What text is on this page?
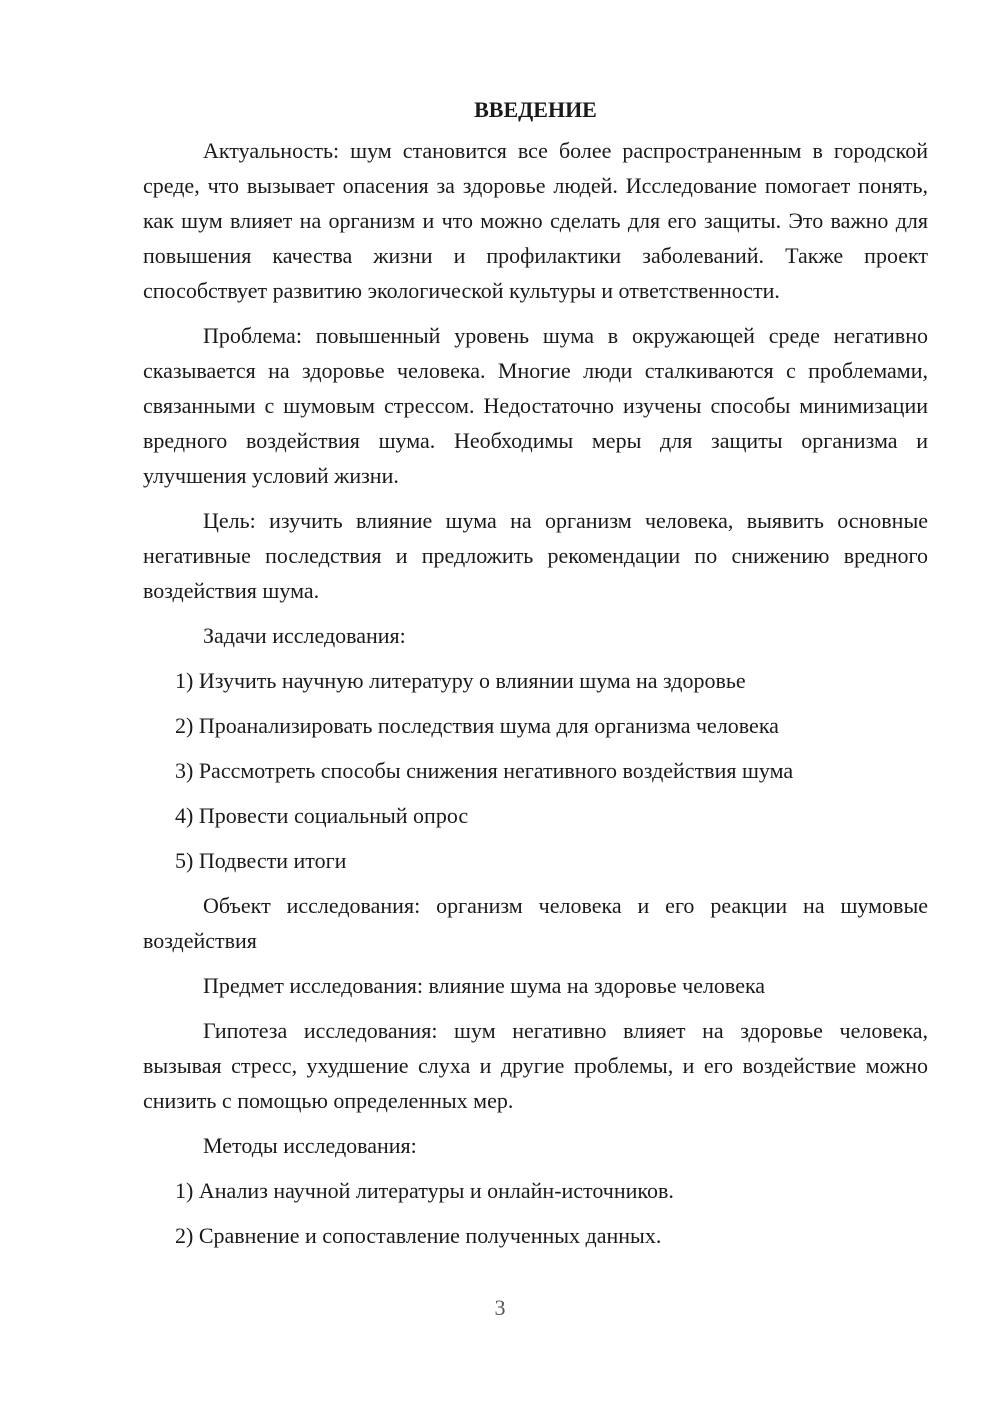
ВВЕДЕНИЕ

Актуальность: шум становится все более распространенным в городской среде, что вызывает опасения за здоровье людей. Исследование помогает понять, как шум влияет на организм и что можно сделать для его защиты. Это важно для повышения качества жизни и профилактики заболеваний. Также проект способствует развитию экологической культуры и ответственности.

Проблема: повышенный уровень шума в окружающей среде негативно сказывается на здоровье человека. Многие люди сталкиваются с проблемами, связанными с шумовым стрессом. Недостаточно изучены способы минимизации вредного воздействия шума. Необходимы меры для защиты организма и улучшения условий жизни.

Цель: изучить влияние шума на организм человека, выявить основные негативные последствия и предложить рекомендации по снижению вредного воздействия шума.

Задачи исследования:

1) Изучить научную литературу о влиянии шума на здоровье
2) Проанализировать последствия шума для организма человека
3) Рассмотреть способы снижения негативного воздействия шума
4) Провести социальный опрос
5) Подвести итоги

Объект исследования: организм человека и его реакции на шумовые воздействия

Предмет исследования: влияние шума на здоровье человека

Гипотеза исследования: шум негативно влияет на здоровье человека, вызывая стресс, ухудшение слуха и другие проблемы, и его воздействие можно снизить с помощью определенных мер.

Методы исследования:

1) Анализ научной литературы и онлайн-источников.
2) Сравнение и сопоставление полученных данных.
3
